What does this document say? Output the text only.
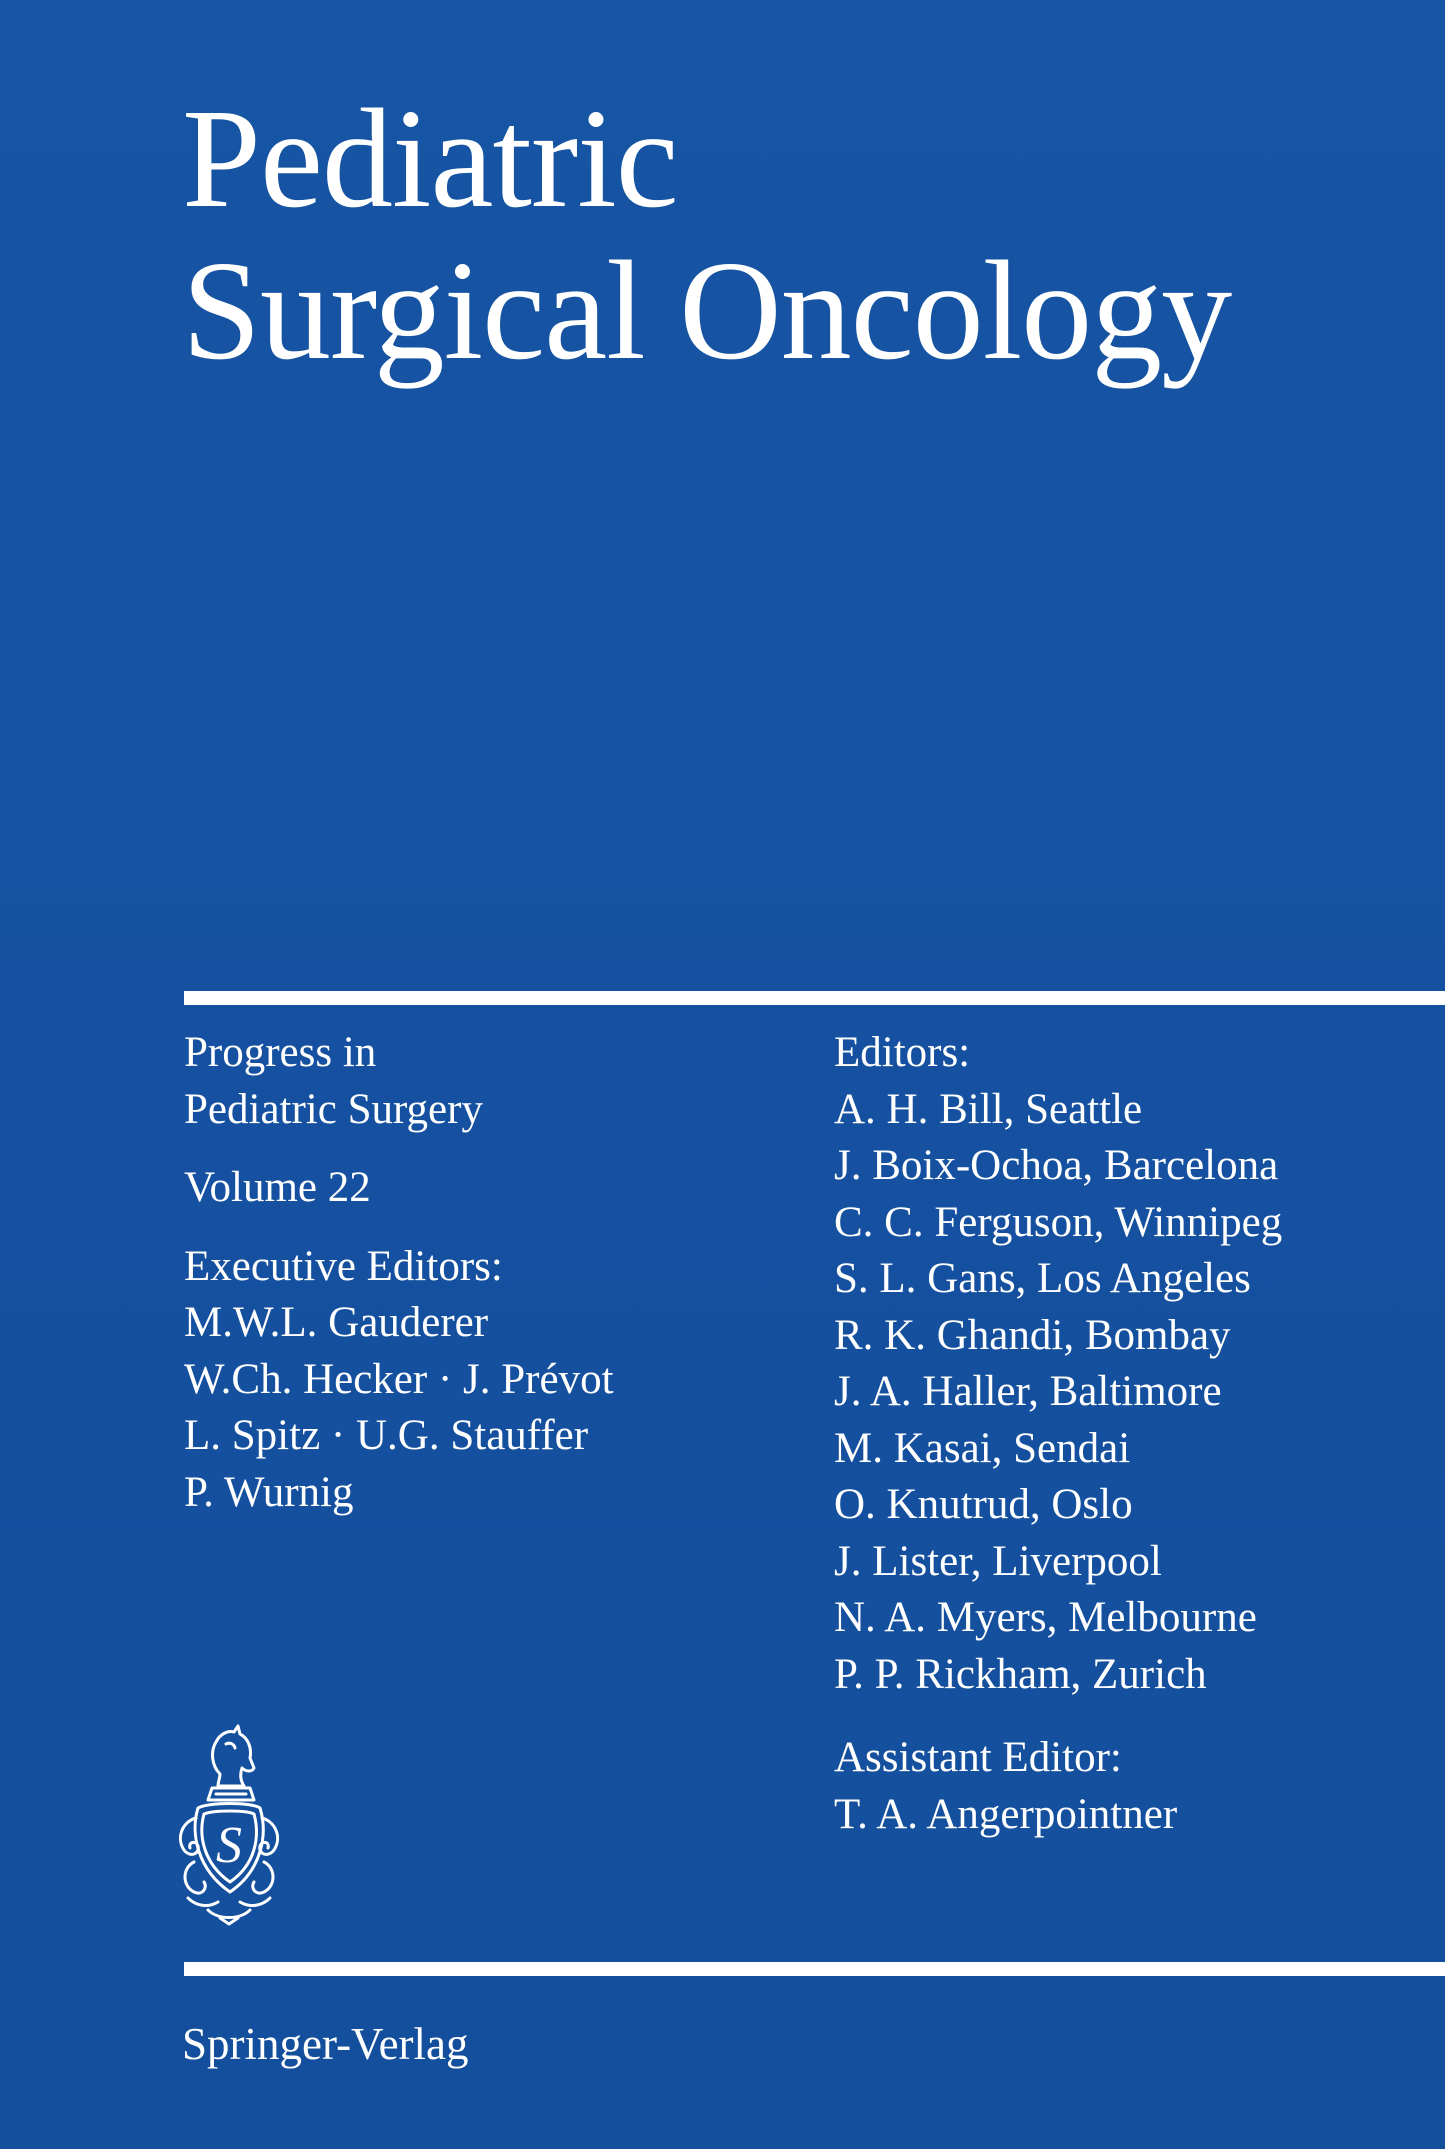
Pediatric
Surgical Oncology

Progress in

Pediatric Surgery

Volume 22

Executive Editors:

M.W.L. Gauderer

W.Ch. Hecker · J. Prévot

L. Spitz · U.G. Stauffer

P. Wurnig

Editors:

A. H. Bill, Seattle

J. Boix-Ochoa, Barcelona

C. C. Ferguson, Winnipeg

S. L. Gans, Los Angeles

R. K. Ghandi, Bombay

J. A. Haller, Baltimore

M. Kasai, Sendai

O. Knutrud, Oslo

J. Lister, Liverpool

N. A. Myers, Melbourne

P. P. Rickham, Zurich

Assistant Editor:

T. A. Angerpointner

S

Springer-Verlag
